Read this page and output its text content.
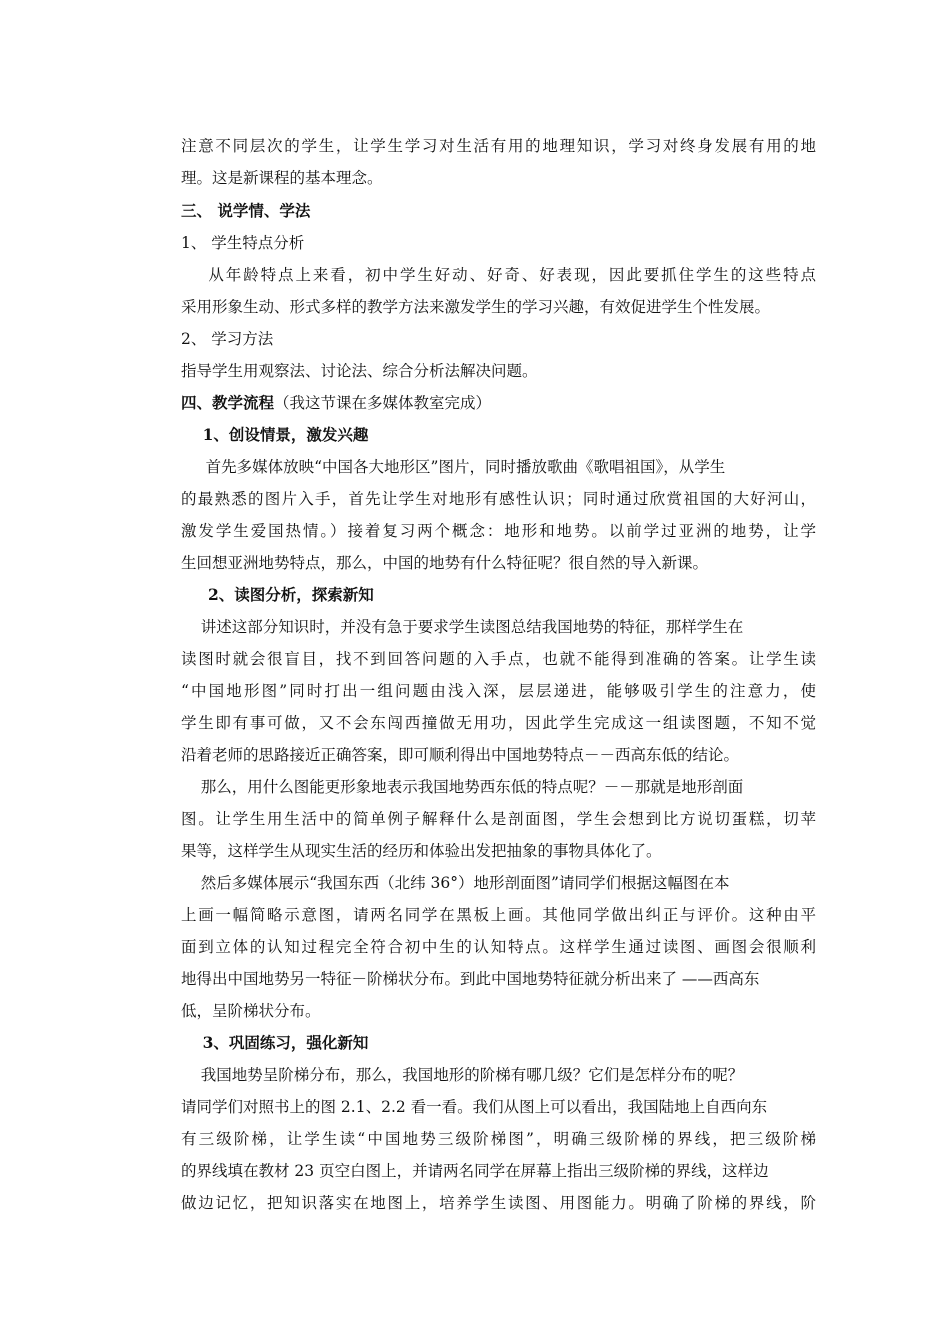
注意不同层次的学生，让学生学习对生活有用的地理知识，学习对终身发展有用的地
理。这是新课程的基本理念。
三、 说学情、学法
1、 学生特点分析
从年龄特点上来看，初中学生好动、好奇、好表现，因此要抓住学生的这些特点
采用形象生动、形式多样的教学方法来激发学生的学习兴趣，有效促进学生个性发展。
2、 学习方法
指导学生用观察法、讨论法、综合分析法解决问题。
四、教学流程（我这节课在多媒体教室完成）
1、创设情景，激发兴趣
首先多媒体放映“中国各大地形区”图片，同时播放歌曲《歌唱祖国》，从学生
的最熟悉的图片入手，首先让学生对地形有感性认识；同时通过欣赏祖国的大好河山，
激发学生爱国热情。）接着复习两个概念：地形和地势。以前学过亚洲的地势，让学
生回想亚洲地势特点，那么，中国的地势有什么特征呢？很自然的导入新课。
2、读图分析，探索新知
讲述这部分知识时，并没有急于要求学生读图总结我国地势的特征，那样学生在
读图时就会很盲目，找不到回答问题的入手点，也就不能得到准确的答案。让学生读
“中国地形图”同时打出一组问题由浅入深，层层递进，能够吸引学生的注意力，使
学生即有事可做，又不会东闯西撞做无用功，因此学生完成这一组读图题，不知不觉
沿着老师的思路接近正确答案，即可顺利得出中国地势特点－－西高东低的结论。
那么，用什么图能更形象地表示我国地势西东低的特点呢？－－那就是地形剖面
图。让学生用生活中的简单例子解释什么是剖面图，学生会想到比方说切蛋糕，切苹
果等，这样学生从现实生活的经历和体验出发把抽象的事物具体化了。
然后多媒体展示“我国东西（北纬 36°）地形剖面图”请同学们根据这幅图在本
上画一幅简略示意图，请两名同学在黑板上画。其他同学做出纠正与评价。这种由平
面到立体的认知过程完全符合初中生的认知特点。这样学生通过读图、画图会很顺利
地得出中国地势另一特征－阶梯状分布。到此中国地势特征就分析出来了 ——西高东
低，呈阶梯状分布。
3、巩固练习，强化新知
我国地势呈阶梯分布，那么，我国地形的阶梯有哪几级？它们是怎样分布的呢？
请同学们对照书上的图 2.1、2.2 看一看。我们从图上可以看出，我国陆地上自西向东
有三级阶梯，让学生读“中国地势三级阶梯图”，明确三级阶梯的界线，把三级阶梯
的界线填在教材 23 页空白图上，并请两名同学在屏幕上指出三级阶梯的界线，这样边
做边记忆，把知识落实在地图上，培养学生读图、用图能力。明确了阶梯的界线，阶
